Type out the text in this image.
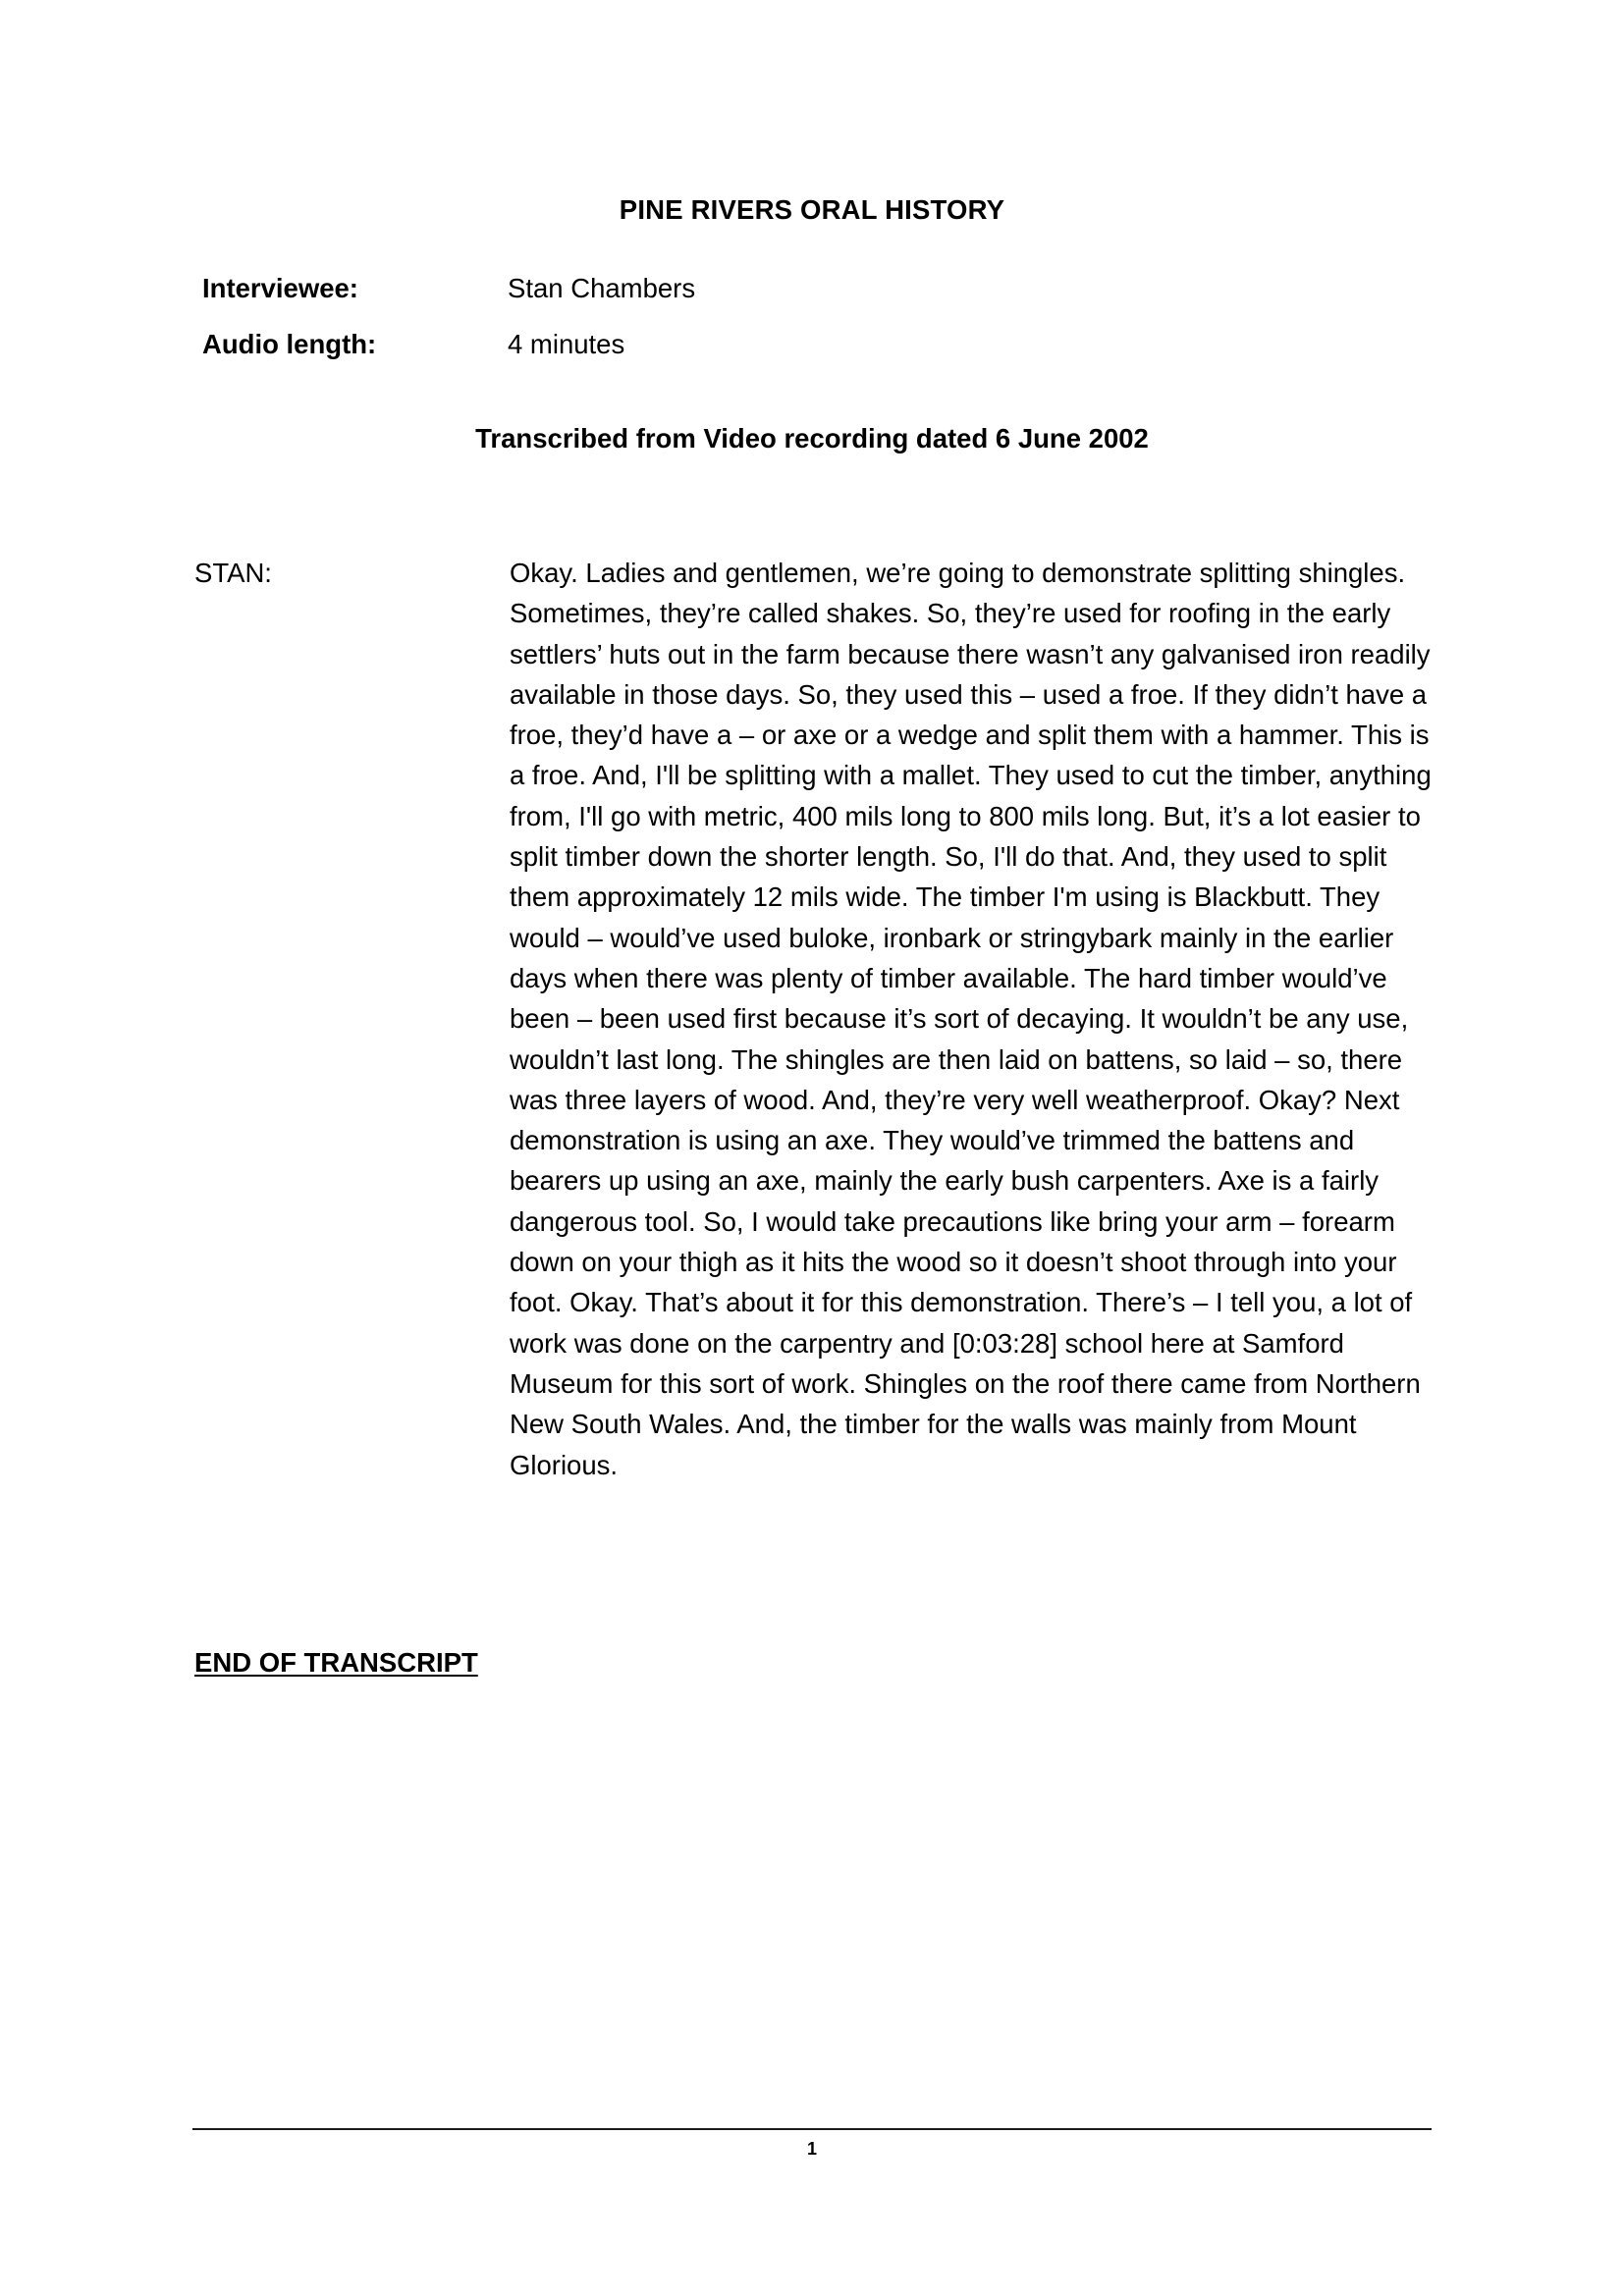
PINE RIVERS ORAL HISTORY
Interviewee:	Stan Chambers
Audio length:	4 minutes
Transcribed from Video recording dated 6 June 2002
STAN:	Okay. Ladies and gentlemen, we’re going to demonstrate splitting shingles. Sometimes, they’re called shakes. So, they’re used for roofing in the early settlers’ huts out in the farm because there wasn’t any galvanised iron readily available in those days. So, they used this – used a froe. If they didn’t have a froe, they’d have a – or axe or a wedge and split them with a hammer. This is a froe. And, I'll be splitting with a mallet. They used to cut the timber, anything from, I'll go with metric, 400 mils long to 800 mils long. But, it’s a lot easier to split timber down the shorter length. So, I'll do that. And, they used to split them approximately 12 mils wide. The timber I'm using is Blackbutt. They would – would’ve used buloke, ironbark or stringybark mainly in the earlier days when there was plenty of timber available. The hard timber would’ve been – been used first because it’s sort of decaying. It wouldn’t be any use, wouldn’t last long. The shingles are then laid on battens, so laid – so, there was three layers of wood. And, they’re very well weatherproof. Okay? Next demonstration is using an axe. They would’ve trimmed the battens and bearers up using an axe, mainly the early bush carpenters. Axe is a fairly dangerous tool. So, I would take precautions like bring your arm – forearm down on your thigh as it hits the wood so it doesn’t shoot through into your foot. Okay. That’s about it for this demonstration. There’s – I tell you, a lot of work was done on the carpentry and [0:03:28] school here at Samford Museum for this sort of work. Shingles on the roof there came from Northern New South Wales. And, the timber for the walls was mainly from Mount Glorious.
END OF TRANSCRIPT
1
